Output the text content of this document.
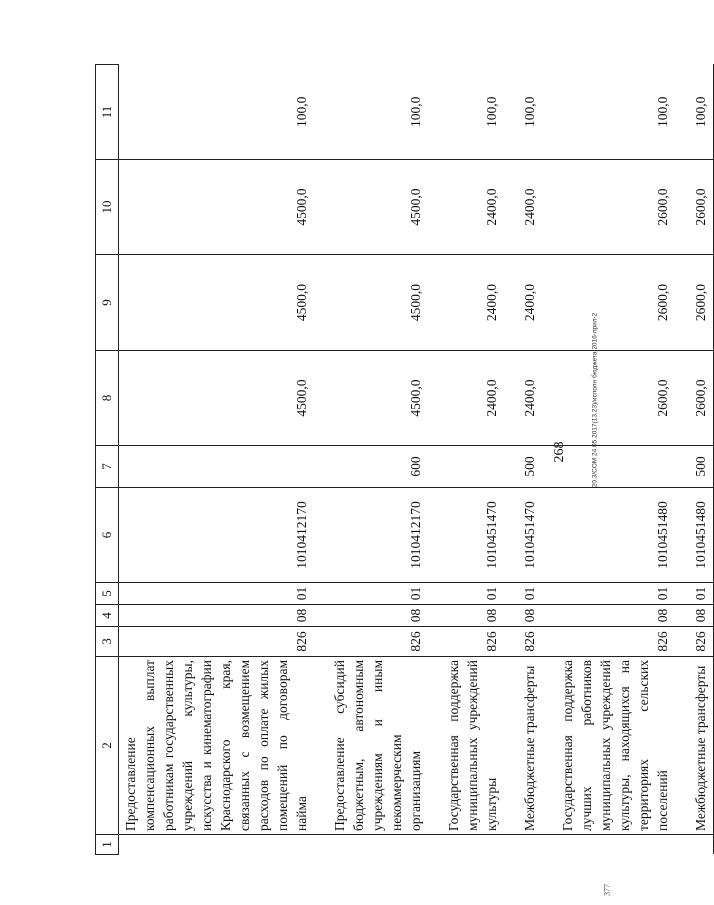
268	20.3/СОМ 24.05.2017(13.23)/исполн бюджета 2016-прил-2
377
1	2	3	4	5	6	7	8	9	10	11
	Предоставление компенсационных выплат работникам государственных учреждений культуры, искусства и кинематографии Краснодарского края, связанных с возмещением расходов по оплате жилых помещений по договорам найма	826	08	01	1010412170		4500,0	4500,0	4500,0	100,0

	Предоставление субсидий бюджетным, автономным учреждениям и иным некоммерческим организациям	826	08	01	1010412170	600	4500,0	4500,0	4500,0	100,0

	Государственная поддержка муниципальных учреждений культуры	826	08	01	1010451470		2400,0	2400,0	2400,0	100,0

	Межбюджетные трансферты	826	08	01	1010451470	500	2400,0	2400,0	2400,0	100,0

	Государственная поддержка лучших работников муниципальных учреждений культуры, находящихся на территориях сельских поселений	826	08	01	1010451480		2600,0	2600,0	2600,0	100,0

	Межбюджетные трансферты	826	08	01	1010451480	500	2600,0	2600,0	2600,0	100,0
